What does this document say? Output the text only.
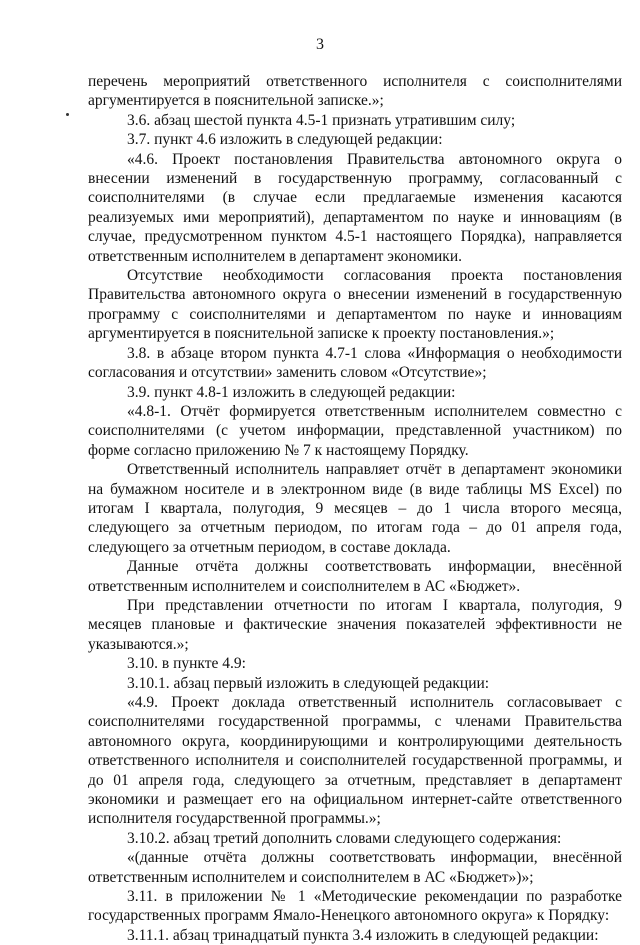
3

перечень мероприятий ответственного исполнителя с соисполнителями аргументируется в пояснительной записке.»;

3.6. абзац шестой пункта 4.5-1 признать утратившим силу;

3.7. пункт 4.6 изложить в следующей редакции:

«4.6. Проект постановления Правительства автономного округа о внесении изменений в государственную программу, согласованный с соисполнителями (в случае если предлагаемые изменения касаются реализуемых ими мероприятий), департаментом по науке и инновациям (в случае, предусмотренном пунктом 4.5-1 настоящего Порядка), направляется ответственным исполнителем в департамент экономики.

Отсутствие необходимости согласования проекта постановления Правительства автономного округа о внесении изменений в государственную программу с соисполнителями и департаментом по науке и инновациям аргументируется в пояснительной записке к проекту постановления.»;

3.8. в абзаце втором пункта 4.7-1 слова «Информация о необходимости согласования и отсутствии» заменить словом «Отсутствие»;

3.9. пункт 4.8-1 изложить в следующей редакции:

«4.8-1. Отчёт формируется ответственным исполнителем совместно с соисполнителями (с учетом информации, представленной участником) по форме согласно приложению № 7 к настоящему Порядку.

Ответственный исполнитель направляет отчёт в департамент экономики на бумажном носителе и в электронном виде (в виде таблицы MS Excel) по итогам I квартала, полугодия, 9 месяцев – до 1 числа второго месяца, следующего за отчетным периодом, по итогам года – до 01 апреля года, следующего за отчетным периодом, в составе доклада.

Данные отчёта должны соответствовать информации, внесённой ответственным исполнителем и соисполнителем в АС «Бюджет».

При представлении отчетности по итогам I квартала, полугодия, 9 месяцев плановые и фактические значения показателей эффективности не указываются.»;

3.10. в пункте 4.9:

3.10.1. абзац первый изложить в следующей редакции:

«4.9. Проект доклада ответственный исполнитель согласовывает с соисполнителями государственной программы, с членами Правительства автономного округа, координирующими и контролирующими деятельность ответственного исполнителя и соисполнителей государственной программы, и до 01 апреля года, следующего за отчетным, представляет в департамент экономики и размещает его на официальном интернет-сайте ответственного исполнителя государственной программы.»;

3.10.2. абзац третий дополнить словами следующего содержания:

«(данные отчёта должны соответствовать информации, внесённой ответственным исполнителем и соисполнителем в АС «Бюджет»)»;

3.11. в приложении № 1 «Методические рекомендации по разработке государственных программ Ямало-Ненецкого автономного округа» к Порядку:

3.11.1. абзац тринадцатый пункта 3.4 изложить в следующей редакции:
